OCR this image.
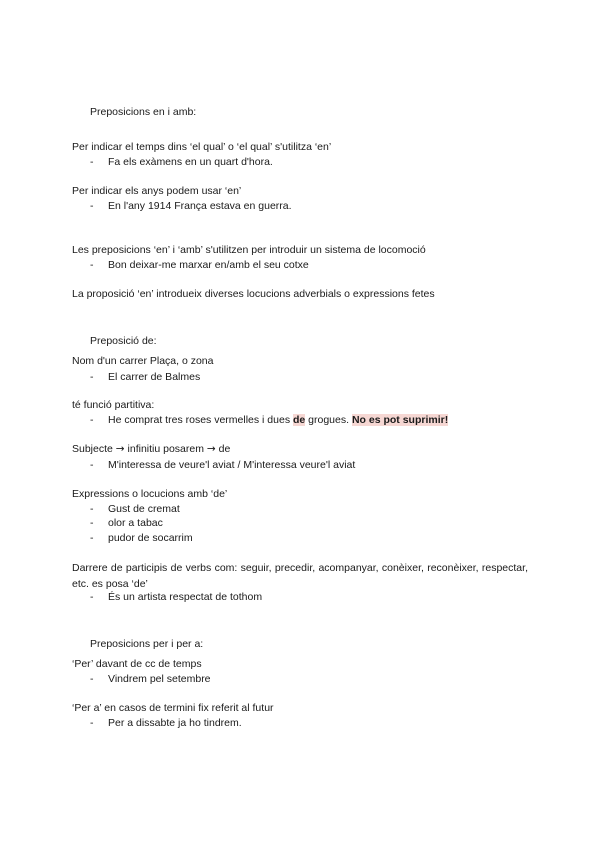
Preposicions en i amb:
Per indicar el temps dins ‘el qual’ o ‘el qual’ s'utilitza ‘en’
-	Fa els exàmens en un quart d'hora.
Per indicar els anys podem usar ‘en’
-	En l'any 1914 França estava en guerra.
Les preposicions ‘en’ i ‘amb’ s'utilitzen per introduir un sistema de locomoció
-	Bon deixar-me marxar en/amb el seu cotxe
La proposició ‘en’ introdueix diverses locucions adverbials o expressions fetes
Preposició de:
Nom d'un carrer Plaça, o zona
-	El carrer de Balmes
té funció partitiva:
-	He comprat tres roses vermelles i dues de grogues. No es pot suprimir!
Subjecte → infinitiu posarem → de
-	M'interessa de veure'l aviat / M'interessa veure'l aviat
Expressions o locucions amb ‘de’
-	Gust de cremat
-	olor a tabac
-	pudor de socarrim
Darrere de participis de verbs com: seguir, precedir, acompanyar, conèixer, reconèixer, respectar, etc. es posa ‘de’
-	És un artista respectat de tothom
Preposicions per i per a:
‘Per’ davant de cc de temps
-	Vindrem pel setembre
‘Per a’ en casos de termini fix referit al futur
-	Per a dissabte ja ho tindrem.
